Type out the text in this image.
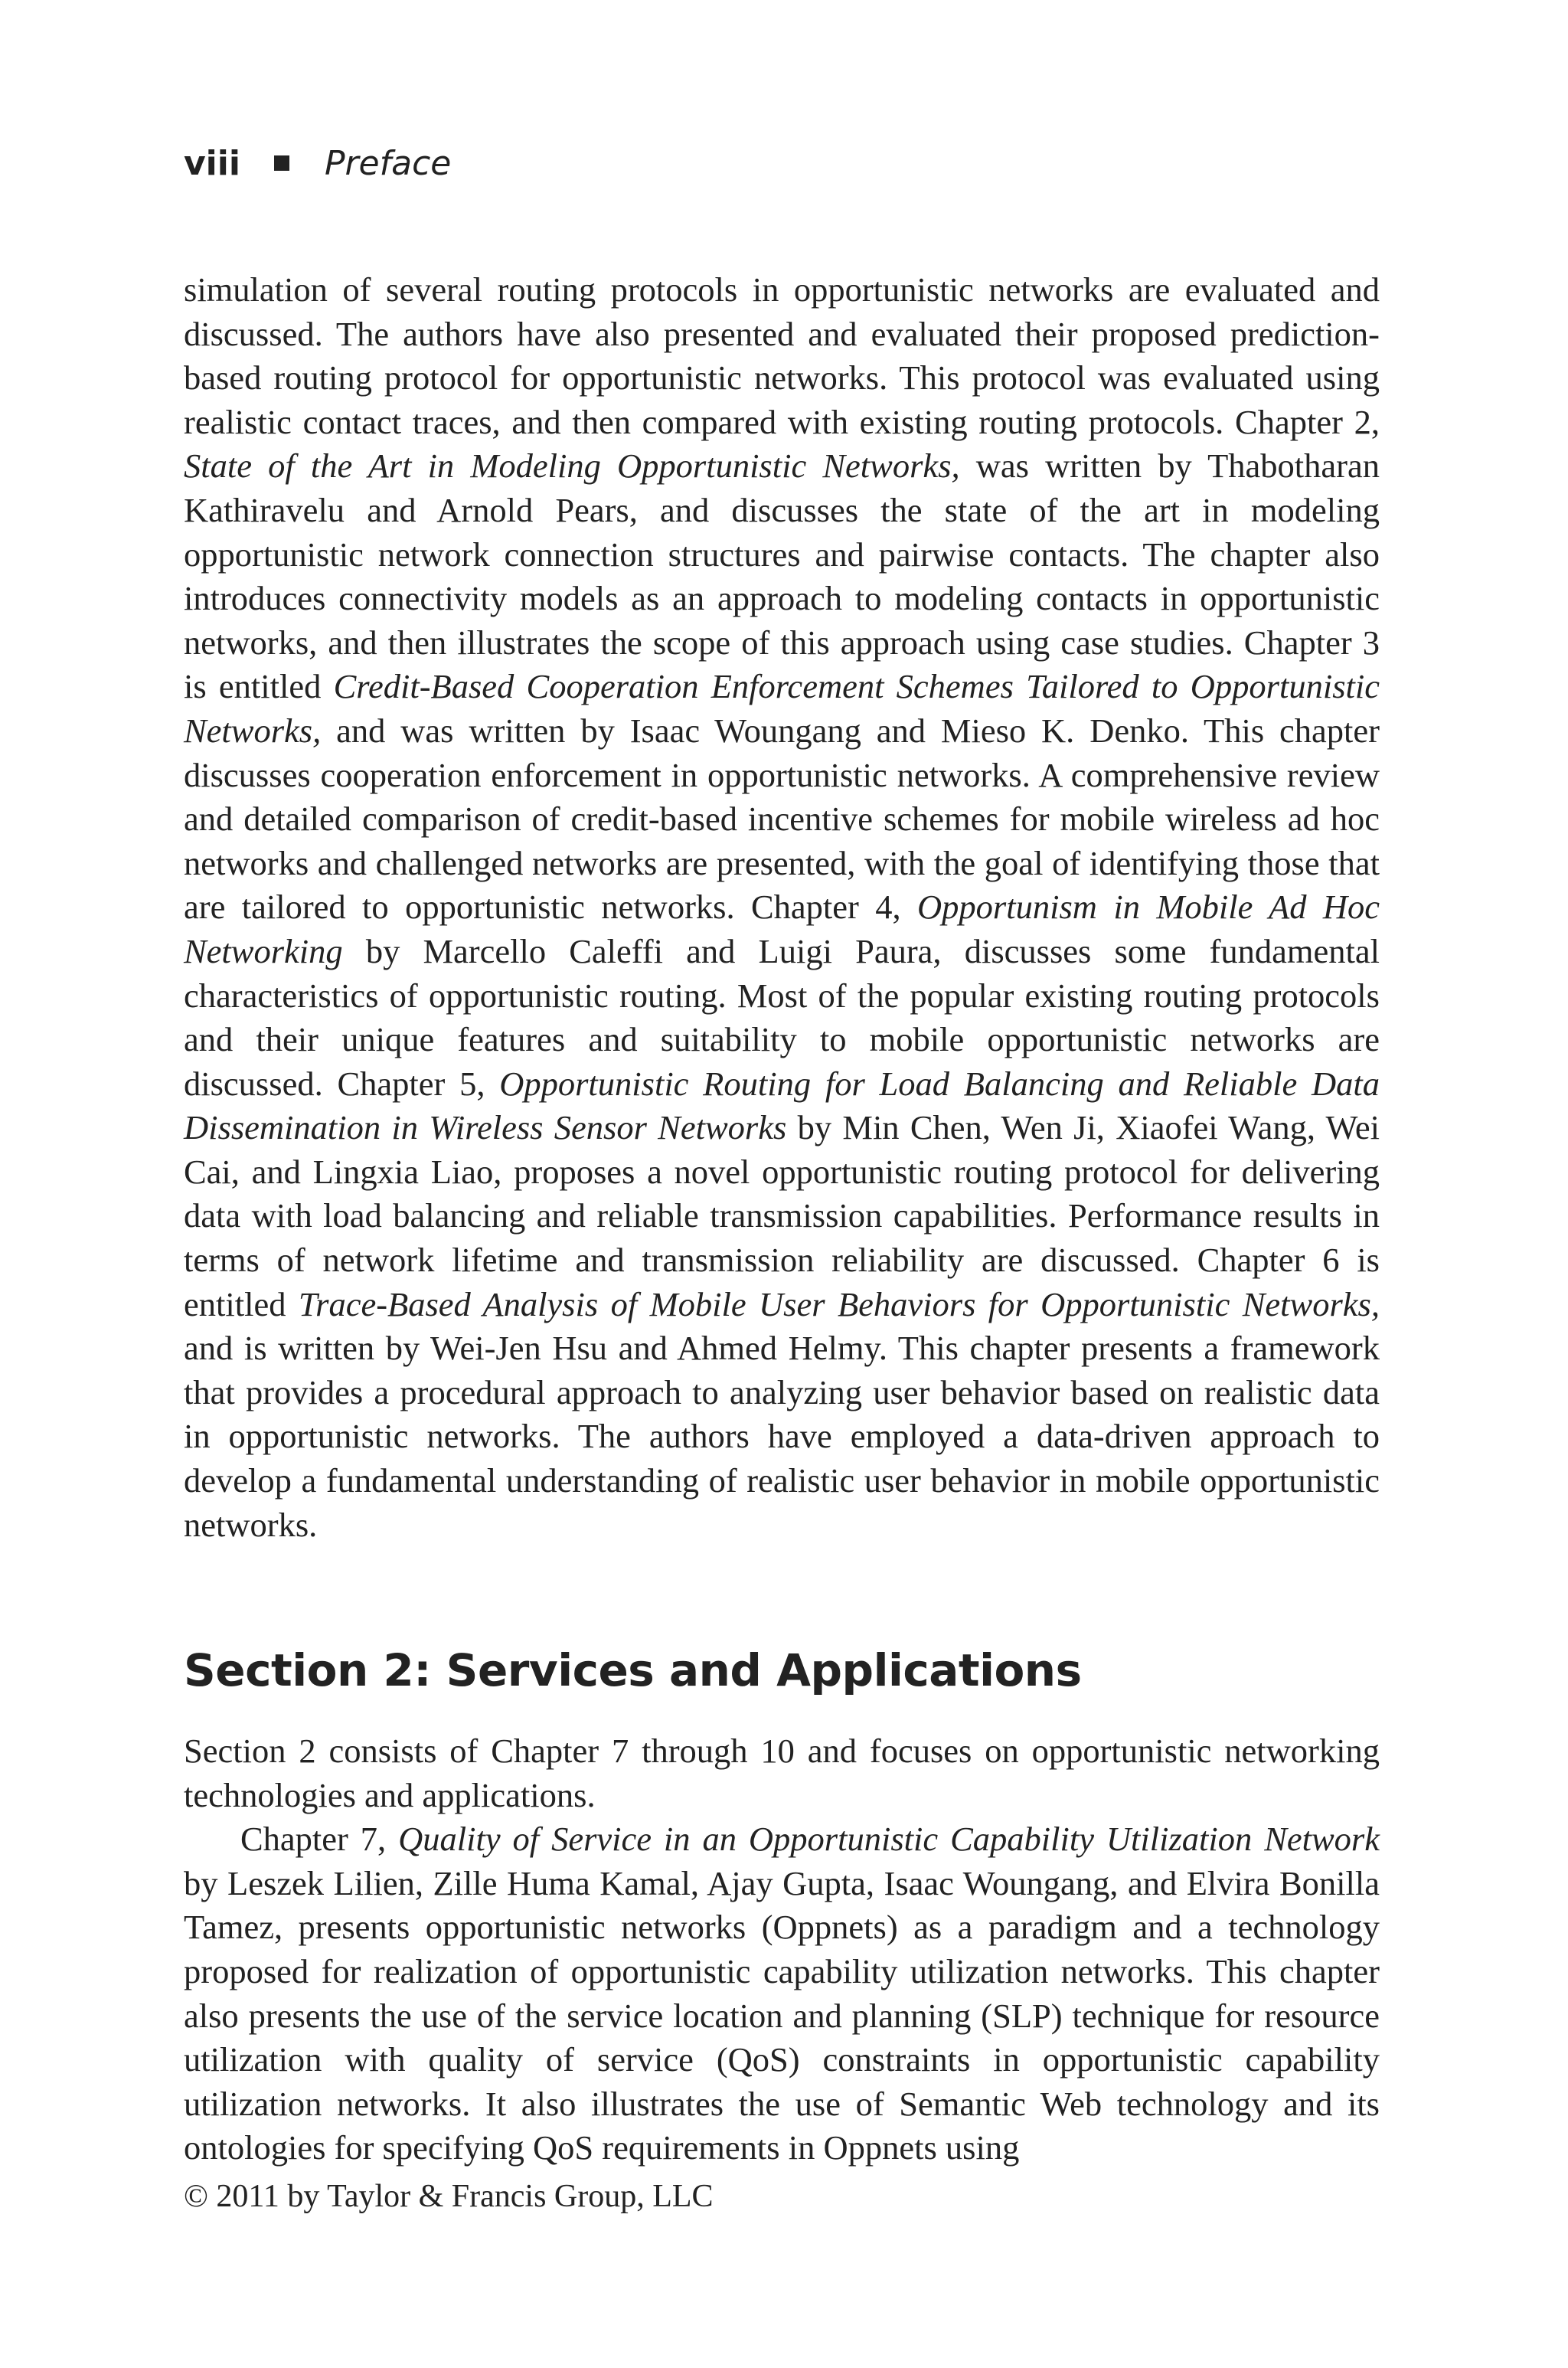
viii	Preface

simulation of several routing protocols in opportunistic networks are evaluated and discussed. The authors have also presented and evaluated their proposed prediction-based routing protocol for opportunistic networks. This protocol was evaluated using realistic contact traces, and then compared with existing routing protocols. Chapter 2, State of the Art in Modeling Opportunistic Networks, was written by Thabotharan Kathiravelu and Arnold Pears, and discusses the state of the art in modeling opportunistic network connection structures and pairwise contacts. The chapter also introduces connectivity models as an approach to modeling contacts in opportunistic networks, and then illustrates the scope of this approach using case studies. Chapter 3 is entitled Credit-Based Cooperation Enforcement Schemes Tailored to Opportunistic Networks, and was written by Isaac Woungang and Mieso K. Denko. This chapter discusses cooperation enforcement in opportunistic networks. A comprehensive review and detailed comparison of credit-based incentive schemes for mobile wireless ad hoc networks and challenged networks are presented, with the goal of identifying those that are tailored to opportunistic networks. Chapter 4, Opportunism in Mobile Ad Hoc Networking by Marcello Caleffi and Luigi Paura, discusses some fundamental characteristics of opportunistic routing. Most of the popular existing routing protocols and their unique features and suitability to mobile opportunistic networks are discussed. Chapter 5, Opportunistic Routing for Load Balancing and Reliable Data Dissemination in Wireless Sensor Networks by Min Chen, Wen Ji, Xiaofei Wang, Wei Cai, and Lingxia Liao, proposes a novel opportunistic routing protocol for delivering data with load balancing and reliable transmission capabilities. Performance results in terms of network lifetime and transmission reliability are discussed. Chapter 6 is entitled Trace-Based Analysis of Mobile User Behaviors for Opportunistic Networks, and is written by Wei-Jen Hsu and Ahmed Helmy. This chapter presents a framework that provides a procedural approach to analyzing user behavior based on realistic data in opportunistic networks. The authors have employed a data-driven approach to develop a fundamental understanding of realistic user behavior in mobile opportunistic networks.

Section 2: Services and Applications

Section 2 consists of Chapter 7 through 10 and focuses on opportunistic networking technologies and applications.

Chapter 7, Quality of Service in an Opportunistic Capability Utilization Network by Leszek Lilien, Zille Huma Kamal, Ajay Gupta, Isaac Woungang, and Elvira Bonilla Tamez, presents opportunistic networks (Oppnets) as a paradigm and a technology proposed for realization of opportunistic capability utilization networks. This chapter also presents the use of the service location and planning (SLP) technique for resource utilization with quality of service (QoS) constraints in opportunistic capability utilization networks. It also illustrates the use of Semantic Web technology and its ontologies for specifying QoS requirements in Oppnets using

© 2011 by Taylor & Francis Group, LLC
